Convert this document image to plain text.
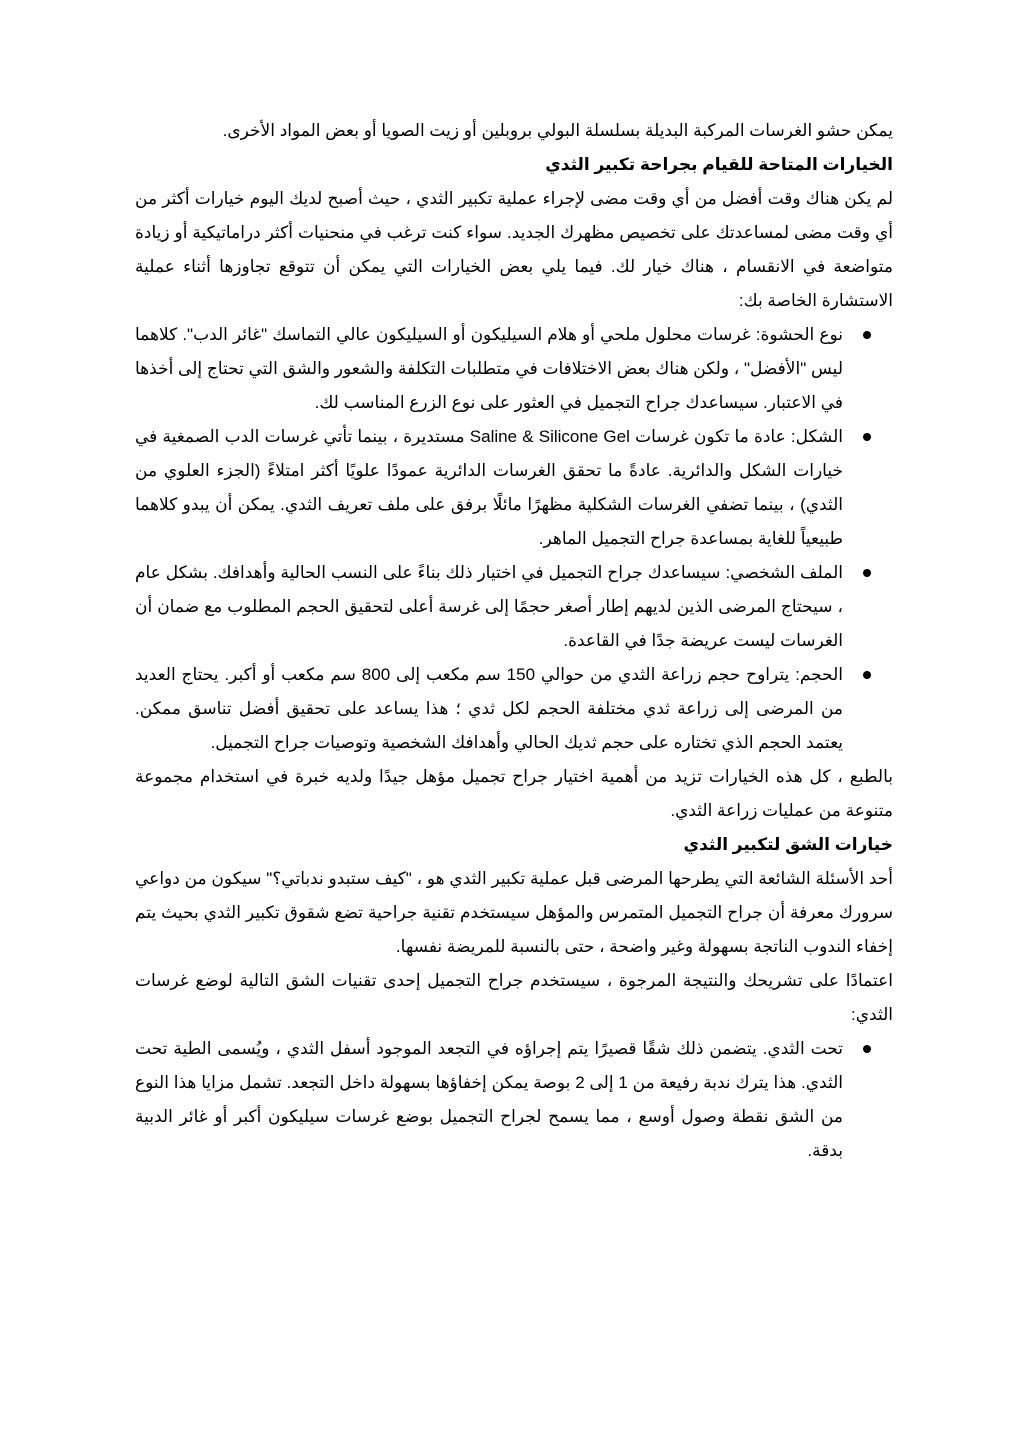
يمكن حشو الغرسات المركبة البديلة بسلسلة البولي بروبلين أو زيت الصويا أو بعض المواد الأخرى.

الخيارات المتاحة للقيام بجراحة تكبير الثدي

لم يكن هناك وقت أفضل من أي وقت مضى لإجراء عملية تكبير الثدي ، حيث أصبح لديك اليوم خيارات أكثر من أي وقت مضى لمساعدتك على تخصيص مظهرك الجديد. سواء كنت ترغب في منحنيات أكثر دراماتيكية أو زيادة متواضعة في الانقسام ، هناك خيار لك. فيما يلي بعض الخيارات التي يمكن أن تتوقع تجاوزها أثناء عملية الاستشارة الخاصة بك:

نوع الحشوة: غرسات محلول ملحي أو هلام السيليكون أو السيليكون عالي التماسك "غائر الدب". كلاهما ليس "الأفضل" ، ولكن هناك بعض الاختلافات في متطلبات التكلفة والشعور والشق التي تحتاج إلى أخذها في الاعتبار. سيساعدك جراح التجميل في العثور على نوع الزرع المناسب لك.
الشكل: عادة ما تكون غرسات Saline & Silicone Gel مستديرة ، بينما تأتي غرسات الدب الصمغية في خيارات الشكل والدائرية. عادةً ما تحقق الغرسات الدائرية عمودًا علويًا أكثر امتلاءً (الجزء العلوي من الثدي) ، بينما تضفي الغرسات الشكلية مظهرًا مائلًا برفق على ملف تعريف الثدي. يمكن أن يبدو كلاهما طبيعياً للغاية بمساعدة جراح التجميل الماهر.
الملف الشخصي: سيساعدك جراح التجميل في اختيار ذلك بناءً على النسب الحالية وأهدافك. بشكل عام ، سيحتاج المرضى الذين لديهم إطار أصغر حجمًا إلى غرسة أعلى لتحقيق الحجم المطلوب مع ضمان أن الغرسات ليست عريضة جدًا في القاعدة.
الحجم: يتراوح حجم زراعة الثدي من حوالي 150 سم مكعب إلى 800 سم مكعب أو أكبر. يحتاج العديد من المرضى إلى زراعة ثدي مختلفة الحجم لكل ثدي ؛ هذا يساعد على تحقيق أفضل تناسق ممكن. يعتمد الحجم الذي تختاره على حجم ثديك الحالي وأهدافك الشخصية وتوصيات جراح التجميل.

بالطبع ، كل هذه الخيارات تزيد من أهمية اختيار جراح تجميل مؤهل جيدًا ولديه خبرة في استخدام مجموعة متنوعة من عمليات زراعة الثدي.

خيارات الشق لتكبير الثدي

أحد الأسئلة الشائعة التي يطرحها المرضى قبل عملية تكبير الثدي هو ، "كيف ستبدو ندباتي؟" سيكون من دواعي سرورك معرفة أن جراح التجميل المتمرس والمؤهل سيستخدم تقنية جراحية تضع شقوق تكبير الثدي بحيث يتم إخفاء الندوب الناتجة بسهولة وغير واضحة ، حتى بالنسبة للمريضة نفسها.

اعتمادًا على تشريحك والنتيجة المرجوة ، سيستخدم جراح التجميل إحدى تقنيات الشق التالية لوضع غرسات الثدي:

تحت الثدي. يتضمن ذلك شقًا قصيرًا يتم إجراؤه في التجعد الموجود أسفل الثدي ، ويُسمى الطية تحت الثدي. هذا يترك ندبة رفيعة من 1 إلى 2 بوصة يمكن إخفاؤها بسهولة داخل التجعد. تشمل مزايا هذا النوع من الشق نقطة وصول أوسع ، مما يسمح لجراح التجميل بوضع غرسات سيليكون أكبر أو غائر الدبية بدقة.
